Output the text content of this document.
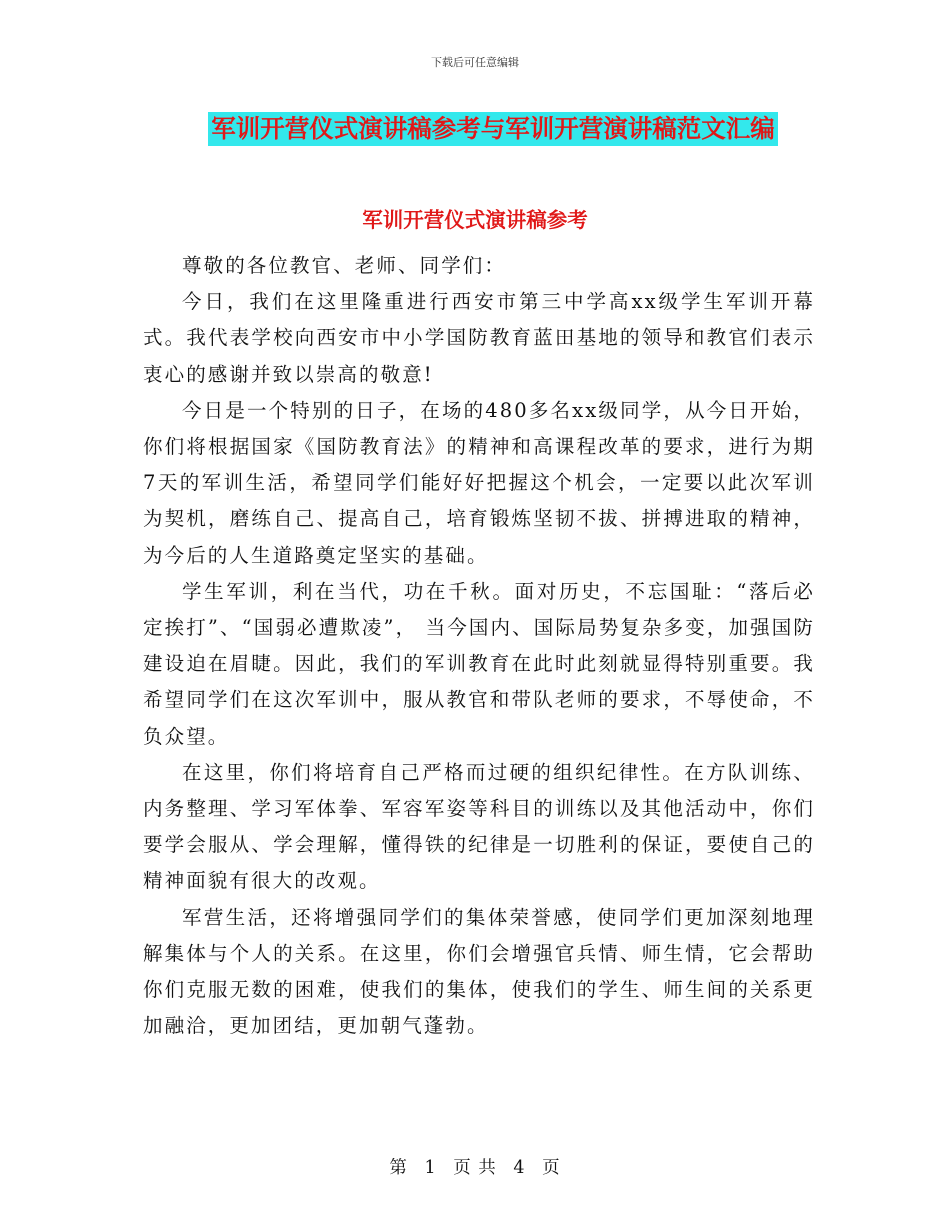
下载后可任意编辑
军训开营仪式演讲稿参考与军训开营演讲稿范文汇编
军训开营仪式演讲稿参考

尊敬的各位教官、老师、同学们：

今日，我们在这里隆重进行西安市第三中学高xx级学生军训开幕式。我代表学校向西安市中小学国防教育蓝田基地的领导和教官们表示衷心的感谢并致以崇高的敬意!

今日是一个特别的日子，在场的480多名xx级同学，从今日开始，你们将根据国家《国防教育法》的精神和高课程改革的要求，进行为期7天的军训生活，希望同学们能好好把握这个机会，一定要以此次军训为契机，磨练自己、提高自己，培育锻炼坚韧不拔、拼搏进取的精神，为今后的人生道路奠定坚实的基础。

学生军训，利在当代，功在千秋。面对历史，不忘国耻：“落后必定挨打”、“国弱必遭欺凌”， 当今国内、国际局势复杂多变，加强国防建设迫在眉睫。因此，我们的军训教育在此时此刻就显得特别重要。我希望同学们在这次军训中，服从教官和带队老师的要求，不辱使命，不负众望。

在这里，你们将培育自己严格而过硬的组织纪律性。在方队训练、内务整理、学习军体拳、军容军姿等科目的训练以及其他活动中，你们要学会服从、学会理解，懂得铁的纪律是一切胜利的保证，要使自己的精神面貌有很大的改观。

军营生活，还将增强同学们的集体荣誉感，使同学们更加深刻地理解集体与个人的关系。在这里，你们会增强官兵情、师生情，它会帮助你们克服无数的困难，使我们的集体，使我们的学生、师生间的关系更加融洽，更加团结，更加朝气蓬勃。

第 1 页 共 4 页
